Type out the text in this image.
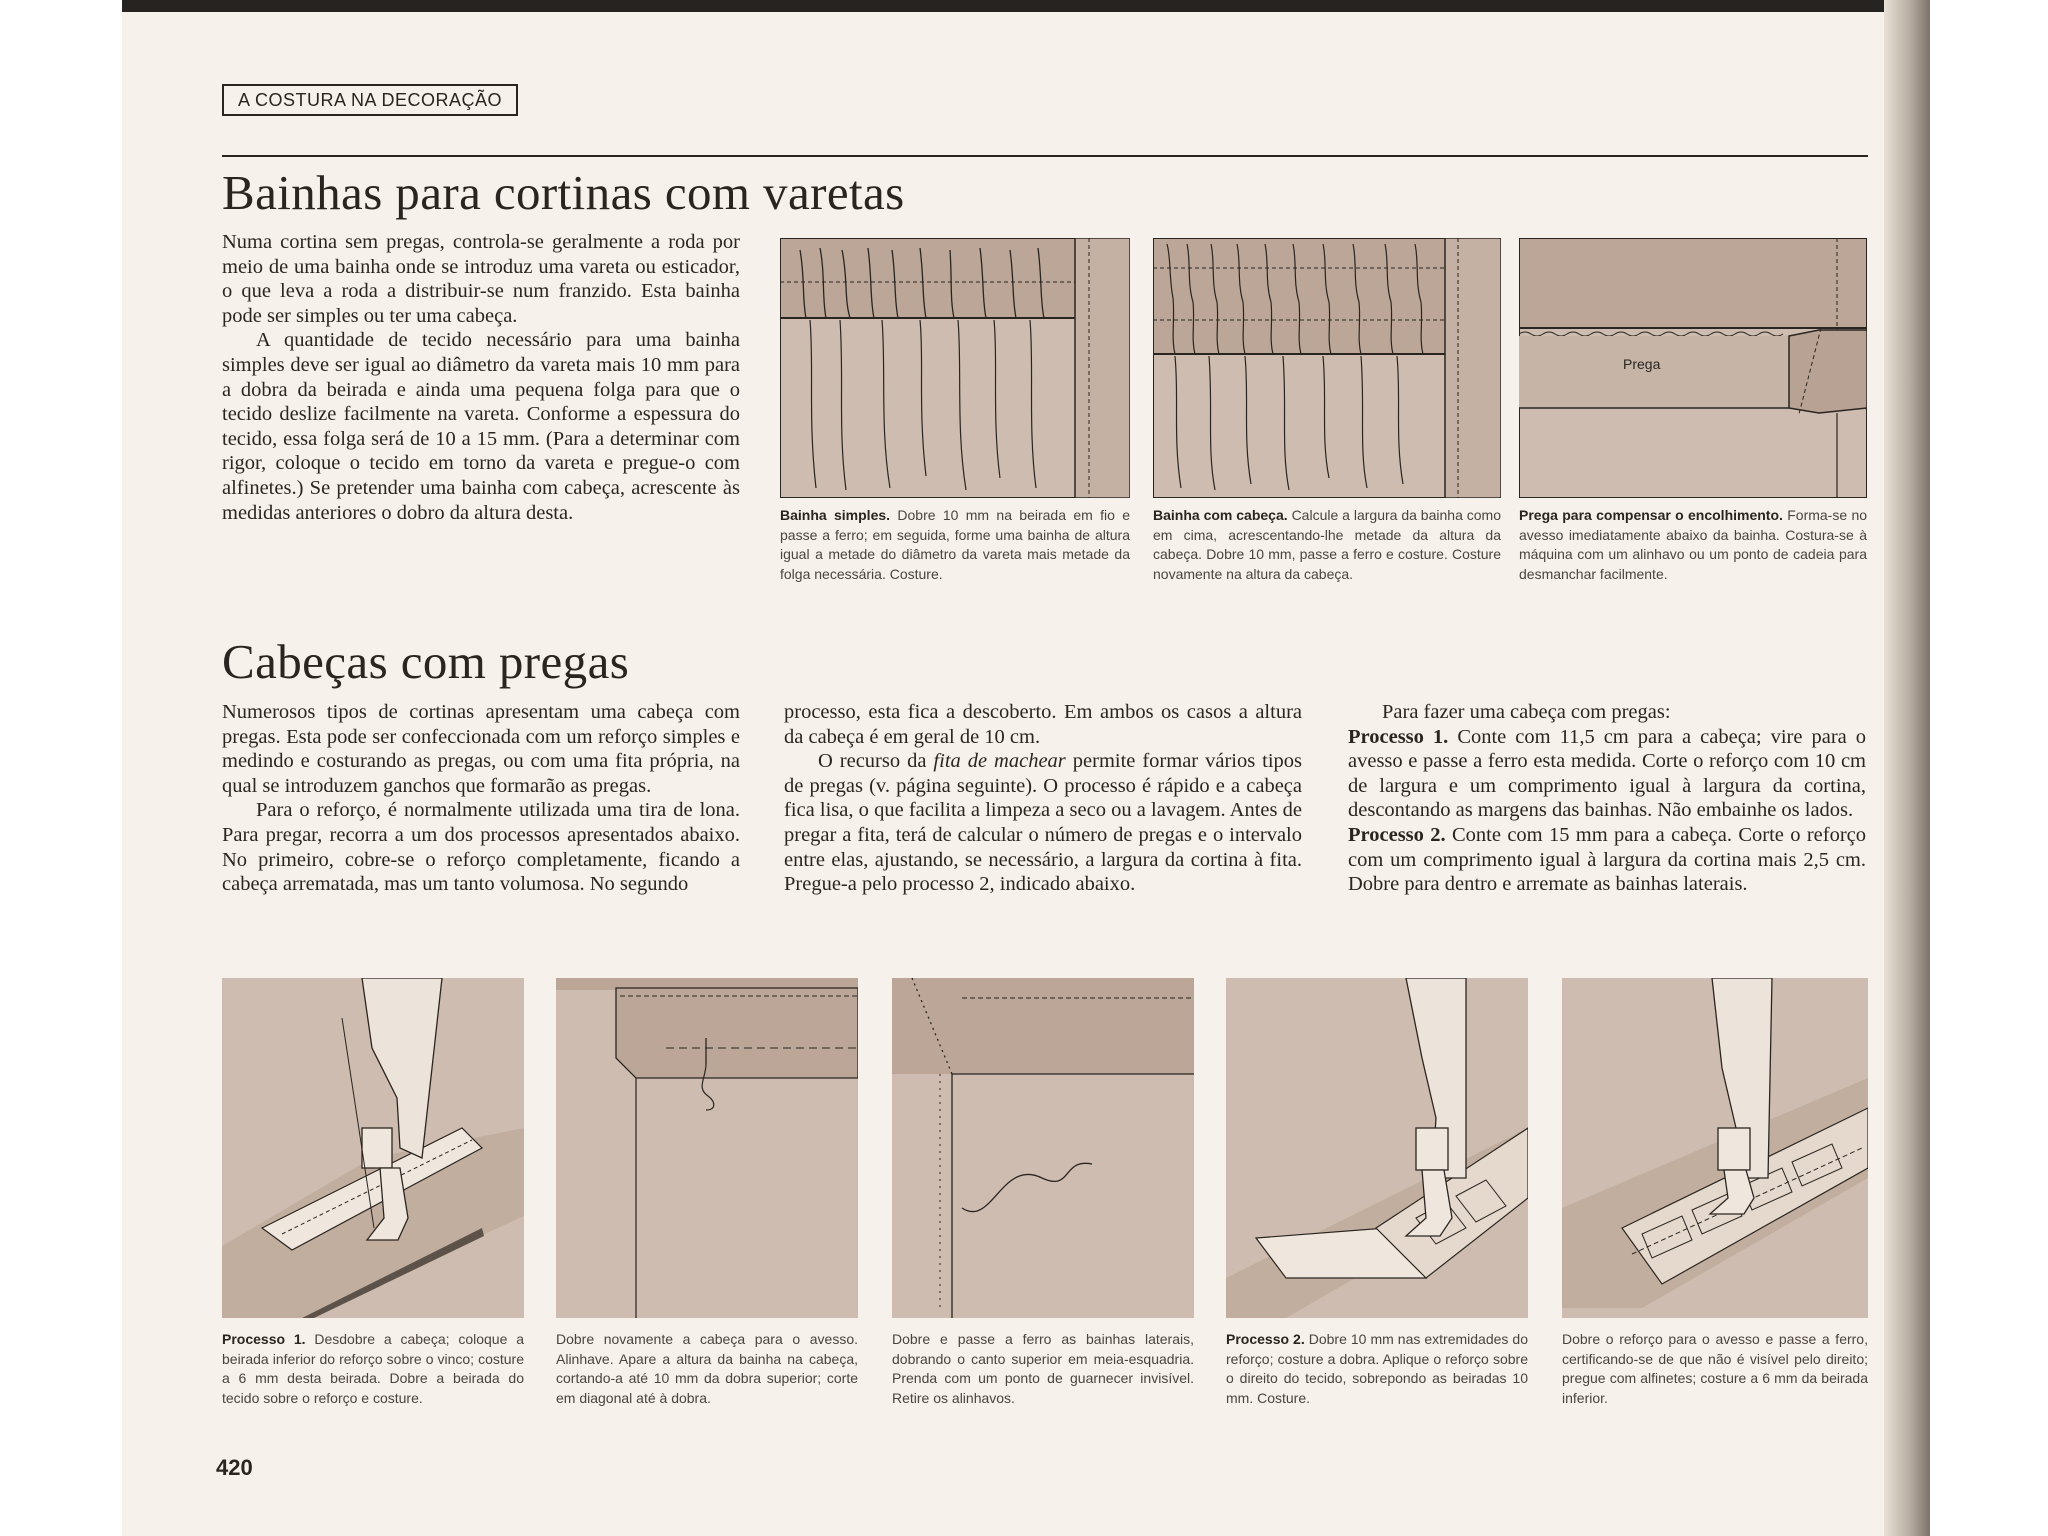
A COSTURA NA DECORAÇÃO
Bainhas para cortinas com varetas

Numa cortina sem pregas, controla-se geralmente a roda por meio de uma bainha onde se introduz uma vareta ou esticador, o que leva a roda a distribuir-se num franzido. Esta bainha pode ser simples ou ter uma cabeça.

A quantidade de tecido necessário para uma bainha simples deve ser igual ao diâmetro da vareta mais 10 mm para a dobra da beirada e ainda uma pequena folga para que o tecido deslize facilmente na vareta. Conforme a espessura do tecido, essa folga será de 10 a 15 mm. (Para a determinar com rigor, coloque o tecido em torno da vareta e pregue-o com alfinetes.) Se pretender uma bainha com cabeça, acrescente às medidas anteriores o dobro da altura desta.	Bainha simples. Dobre 10 mm na beirada em fio e passe a ferro; em seguida, forme uma bainha de altura igual a metade do diâmetro da vareta mais metade da folga necessária. Costure.
Bainha com cabeça. Calcule a largura da bainha como em cima, acrescentando-lhe metade da altura da cabeça. Dobre 10 mm, passe a ferro e costure. Costure novamente na altura da cabeça.
Prega
Prega para compensar o encolhimento. Forma-se no avesso imediatamente abaixo da bainha. Costura-se à máquina com um alinhavo ou um ponto de cadeia para desmanchar facilmente.
Cabeças com pregas

Numerosos tipos de cortinas apresentam uma cabeça com pregas. Esta pode ser confeccionada com um reforço simples e medindo e costurando as pregas, ou com uma fita própria, na qual se introduzem ganchos que formarão as pregas.

Para o reforço, é normalmente utilizada uma tira de lona. Para pregar, recorra a um dos processos apresentados abaixo. No primeiro, cobre-se o reforço completamente, ficando a cabeça arrematada, mas um tanto volumosa. No segundo

processo, esta fica a descoberto. Em ambos os casos a altura da cabeça é em geral de 10 cm.

O recurso da fita de machear permite formar vários tipos de pregas (v. página seguinte). O processo é rápido e a cabeça fica lisa, o que facilita a limpeza a seco ou a lavagem. Antes de pregar a fita, terá de calcular o número de pregas e o intervalo entre elas, ajustando, se necessário, a largura da cortina à fita. Pregue-a pelo processo 2, indicado abaixo.

Para fazer uma cabeça com pregas:

Processo 1. Conte com 11,5 cm para a cabeça; vire para o avesso e passe a ferro esta medida. Corte o reforço com 10 cm de largura e um comprimento igual à largura da cortina, descontando as margens das bainhas. Não embainhe os lados.

Processo 2. Conte com 15 mm para a cabeça. Corte o reforço com um comprimento igual à largura da cortina mais 2,5 cm. Dobre para dentro e arremate as bainhas laterais.

Processo 1. Desdobre a cabeça; coloque a beirada inferior do reforço sobre o vinco; costure a 6 mm desta beirada. Dobre a beirada do tecido sobre o reforço e costure.
Dobre novamente a cabeça para o avesso. Alinhave. Apare a altura da bainha na cabeça, cortando-a até 10 mm da dobra superior; corte em diagonal até à dobra.
Dobre e passe a ferro as bainhas laterais, dobrando o canto superior em meia-esquadria. Prenda com um ponto de guarnecer invisível. Retire os alinhavos.
Processo 2. Dobre 10 mm nas extremidades do reforço; costure a dobra. Aplique o reforço sobre o direito do tecido, sobrepondo as beiradas 10 mm. Costure.
Dobre o reforço para o avesso e passe a ferro, certificando-se de que não é visível pelo direito; pregue com alfinetes; costure a 6 mm da beirada inferior.
420
